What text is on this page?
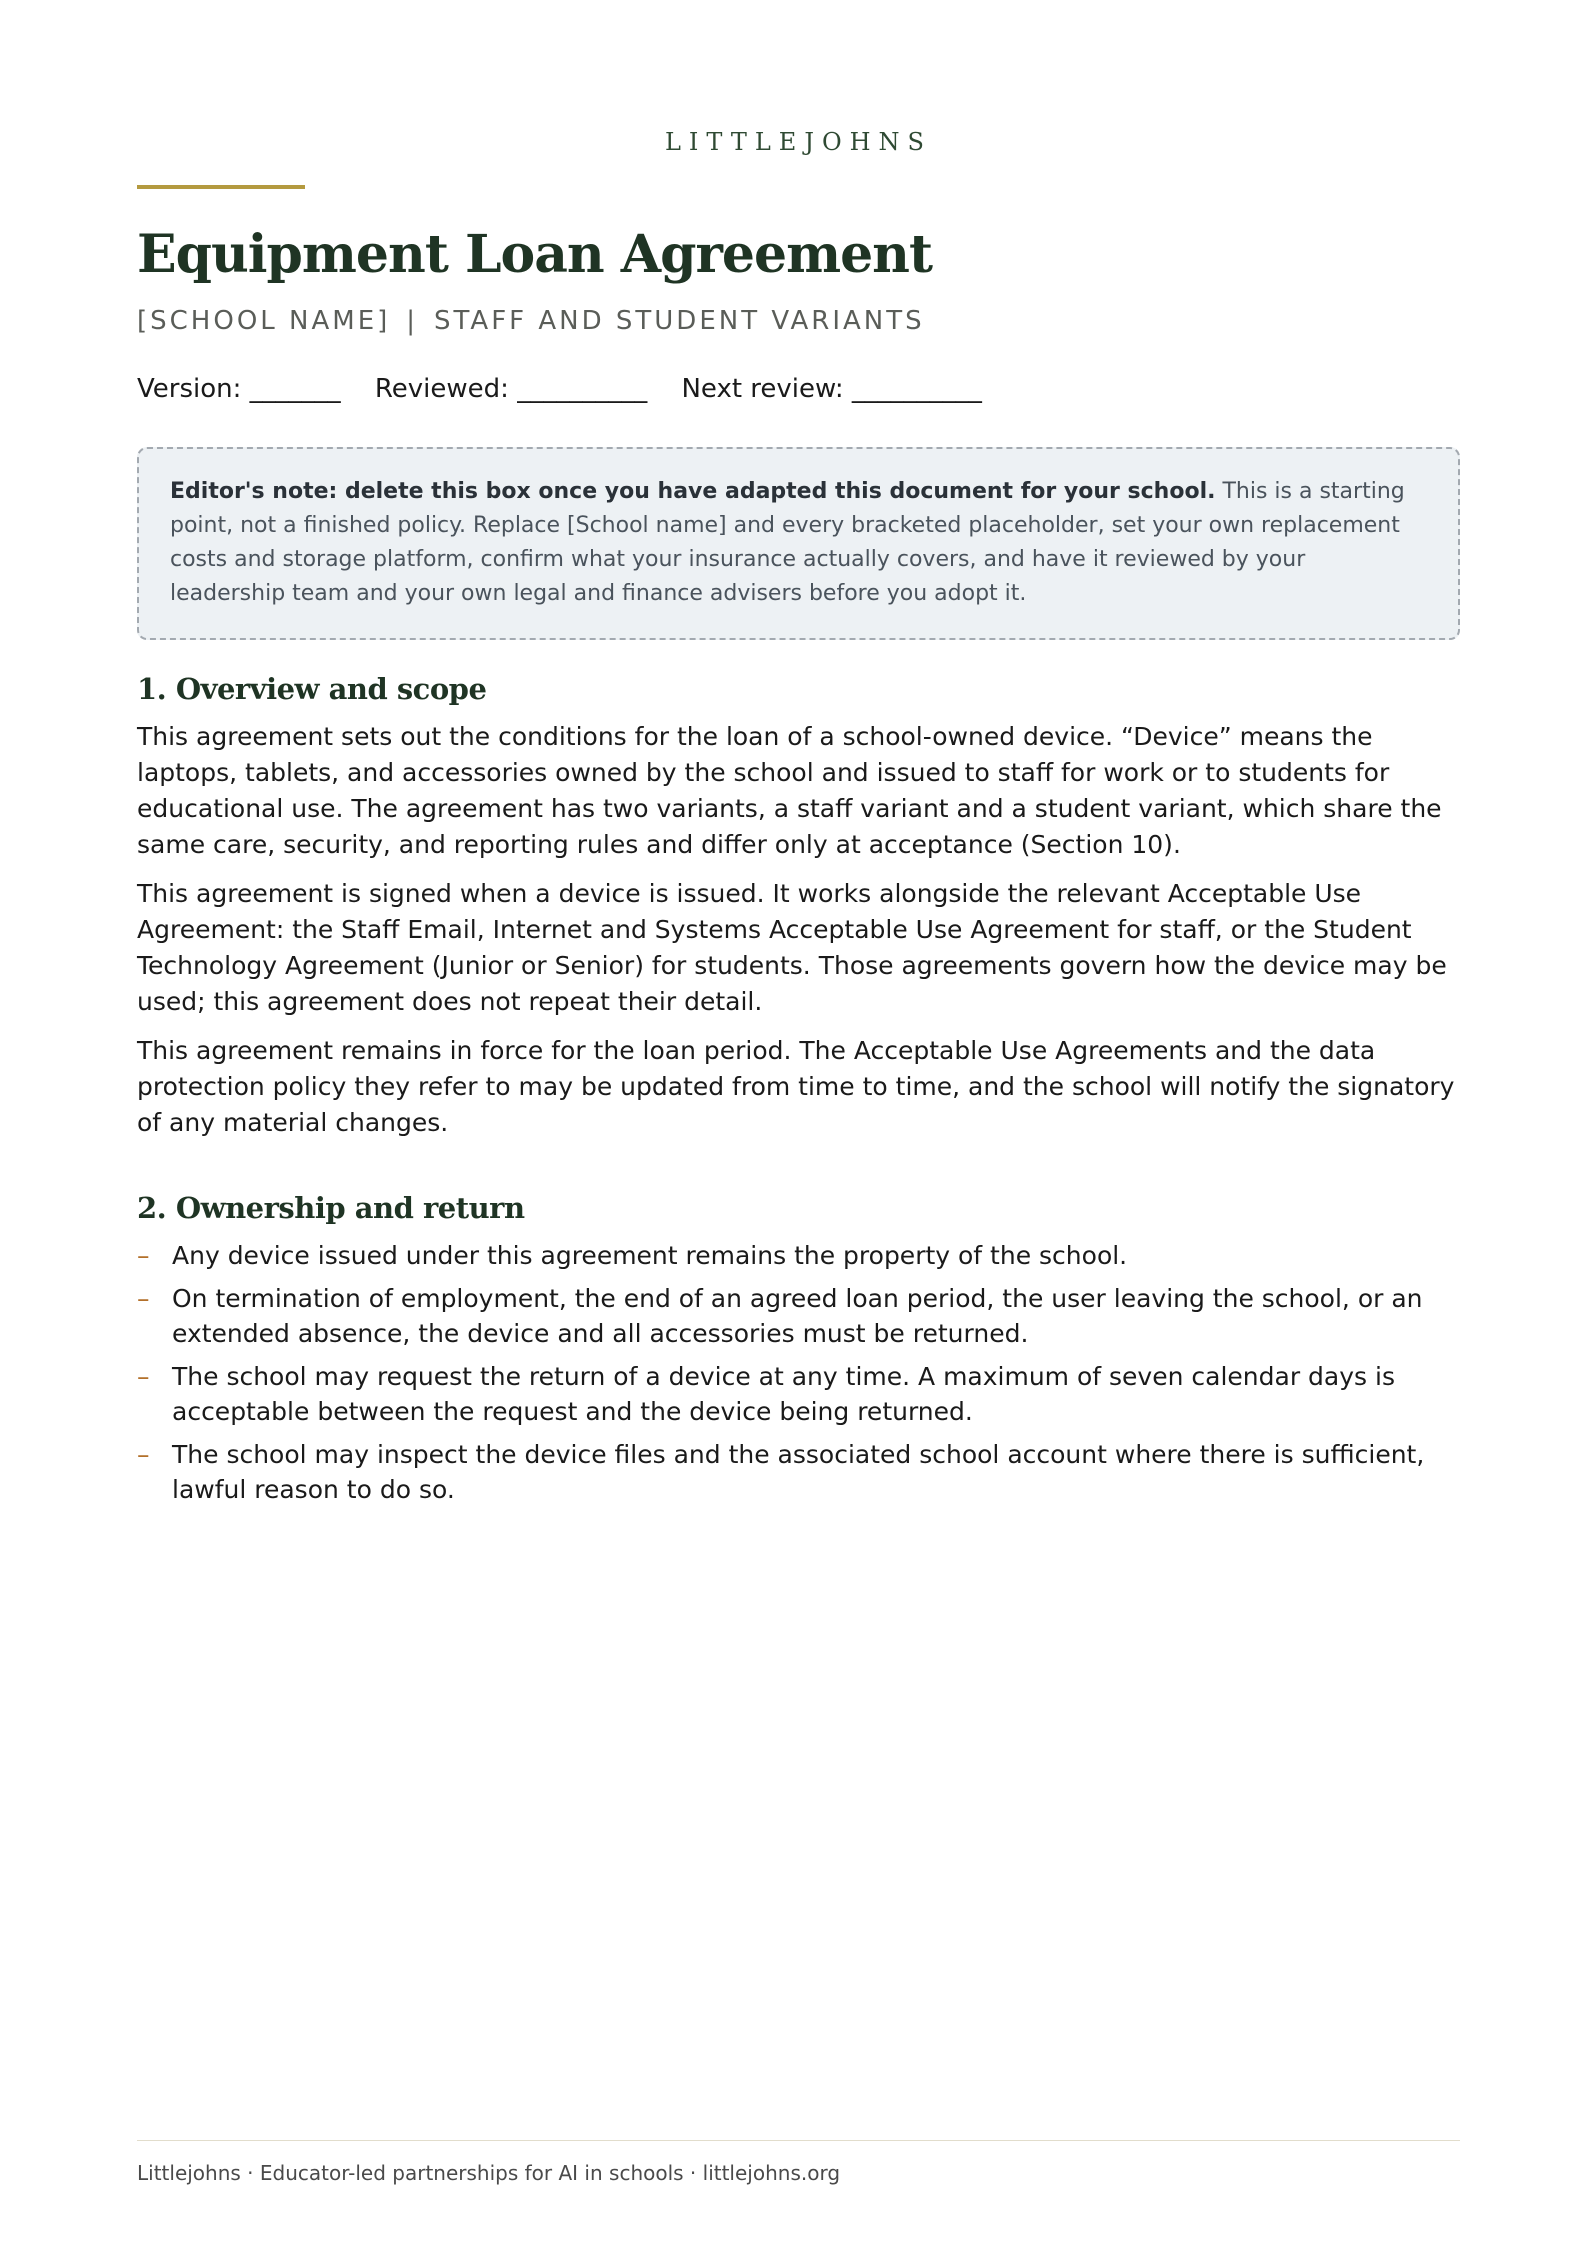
LITTLEJOHNS
Equipment Loan Agreement
[SCHOOL NAME] | STAFF AND STUDENT VARIANTS
Version: _______ Reviewed: __________ Next review: __________
Editor's note: delete this box once you have adapted this document for your school. This is a starting point, not a finished policy. Replace [School name] and every bracketed placeholder, set your own replacement costs and storage platform, confirm what your insurance actually covers, and have it reviewed by your leadership team and your own legal and finance advisers before you adopt it.
1. Overview and scope

This agreement sets out the conditions for the loan of a school-owned device. “Device” means the laptops, tablets, and accessories owned by the school and issued to staff for work or to students for educational use. The agreement has two variants, a staff variant and a student variant, which share the same care, security, and reporting rules and differ only at acceptance (Section 10).

This agreement is signed when a device is issued. It works alongside the relevant Acceptable Use Agreement: the Staff Email, Internet and Systems Acceptable Use Agreement for staff, or the Student Technology Agreement (Junior or Senior) for students. Those agreements govern how the device may be used; this agreement does not repeat their detail.

This agreement remains in force for the loan period. The Acceptable Use Agreements and the data protection policy they refer to may be updated from time to time, and the school will notify the signatory of any material changes.

2. Ownership and return
– Any device issued under this agreement remains the property of the school.
– On termination of employment, the end of an agreed loan period, the user leaving the school, or an extended absence, the device and all accessories must be returned.
– The school may request the return of a device at any time. A maximum of seven calendar days is acceptable between the request and the device being returned.
– The school may inspect the device files and the associated school account where there is sufficient, lawful reason to do so.
Littlejohns · Educator-led partnerships for AI in schools · littlejohns.org
